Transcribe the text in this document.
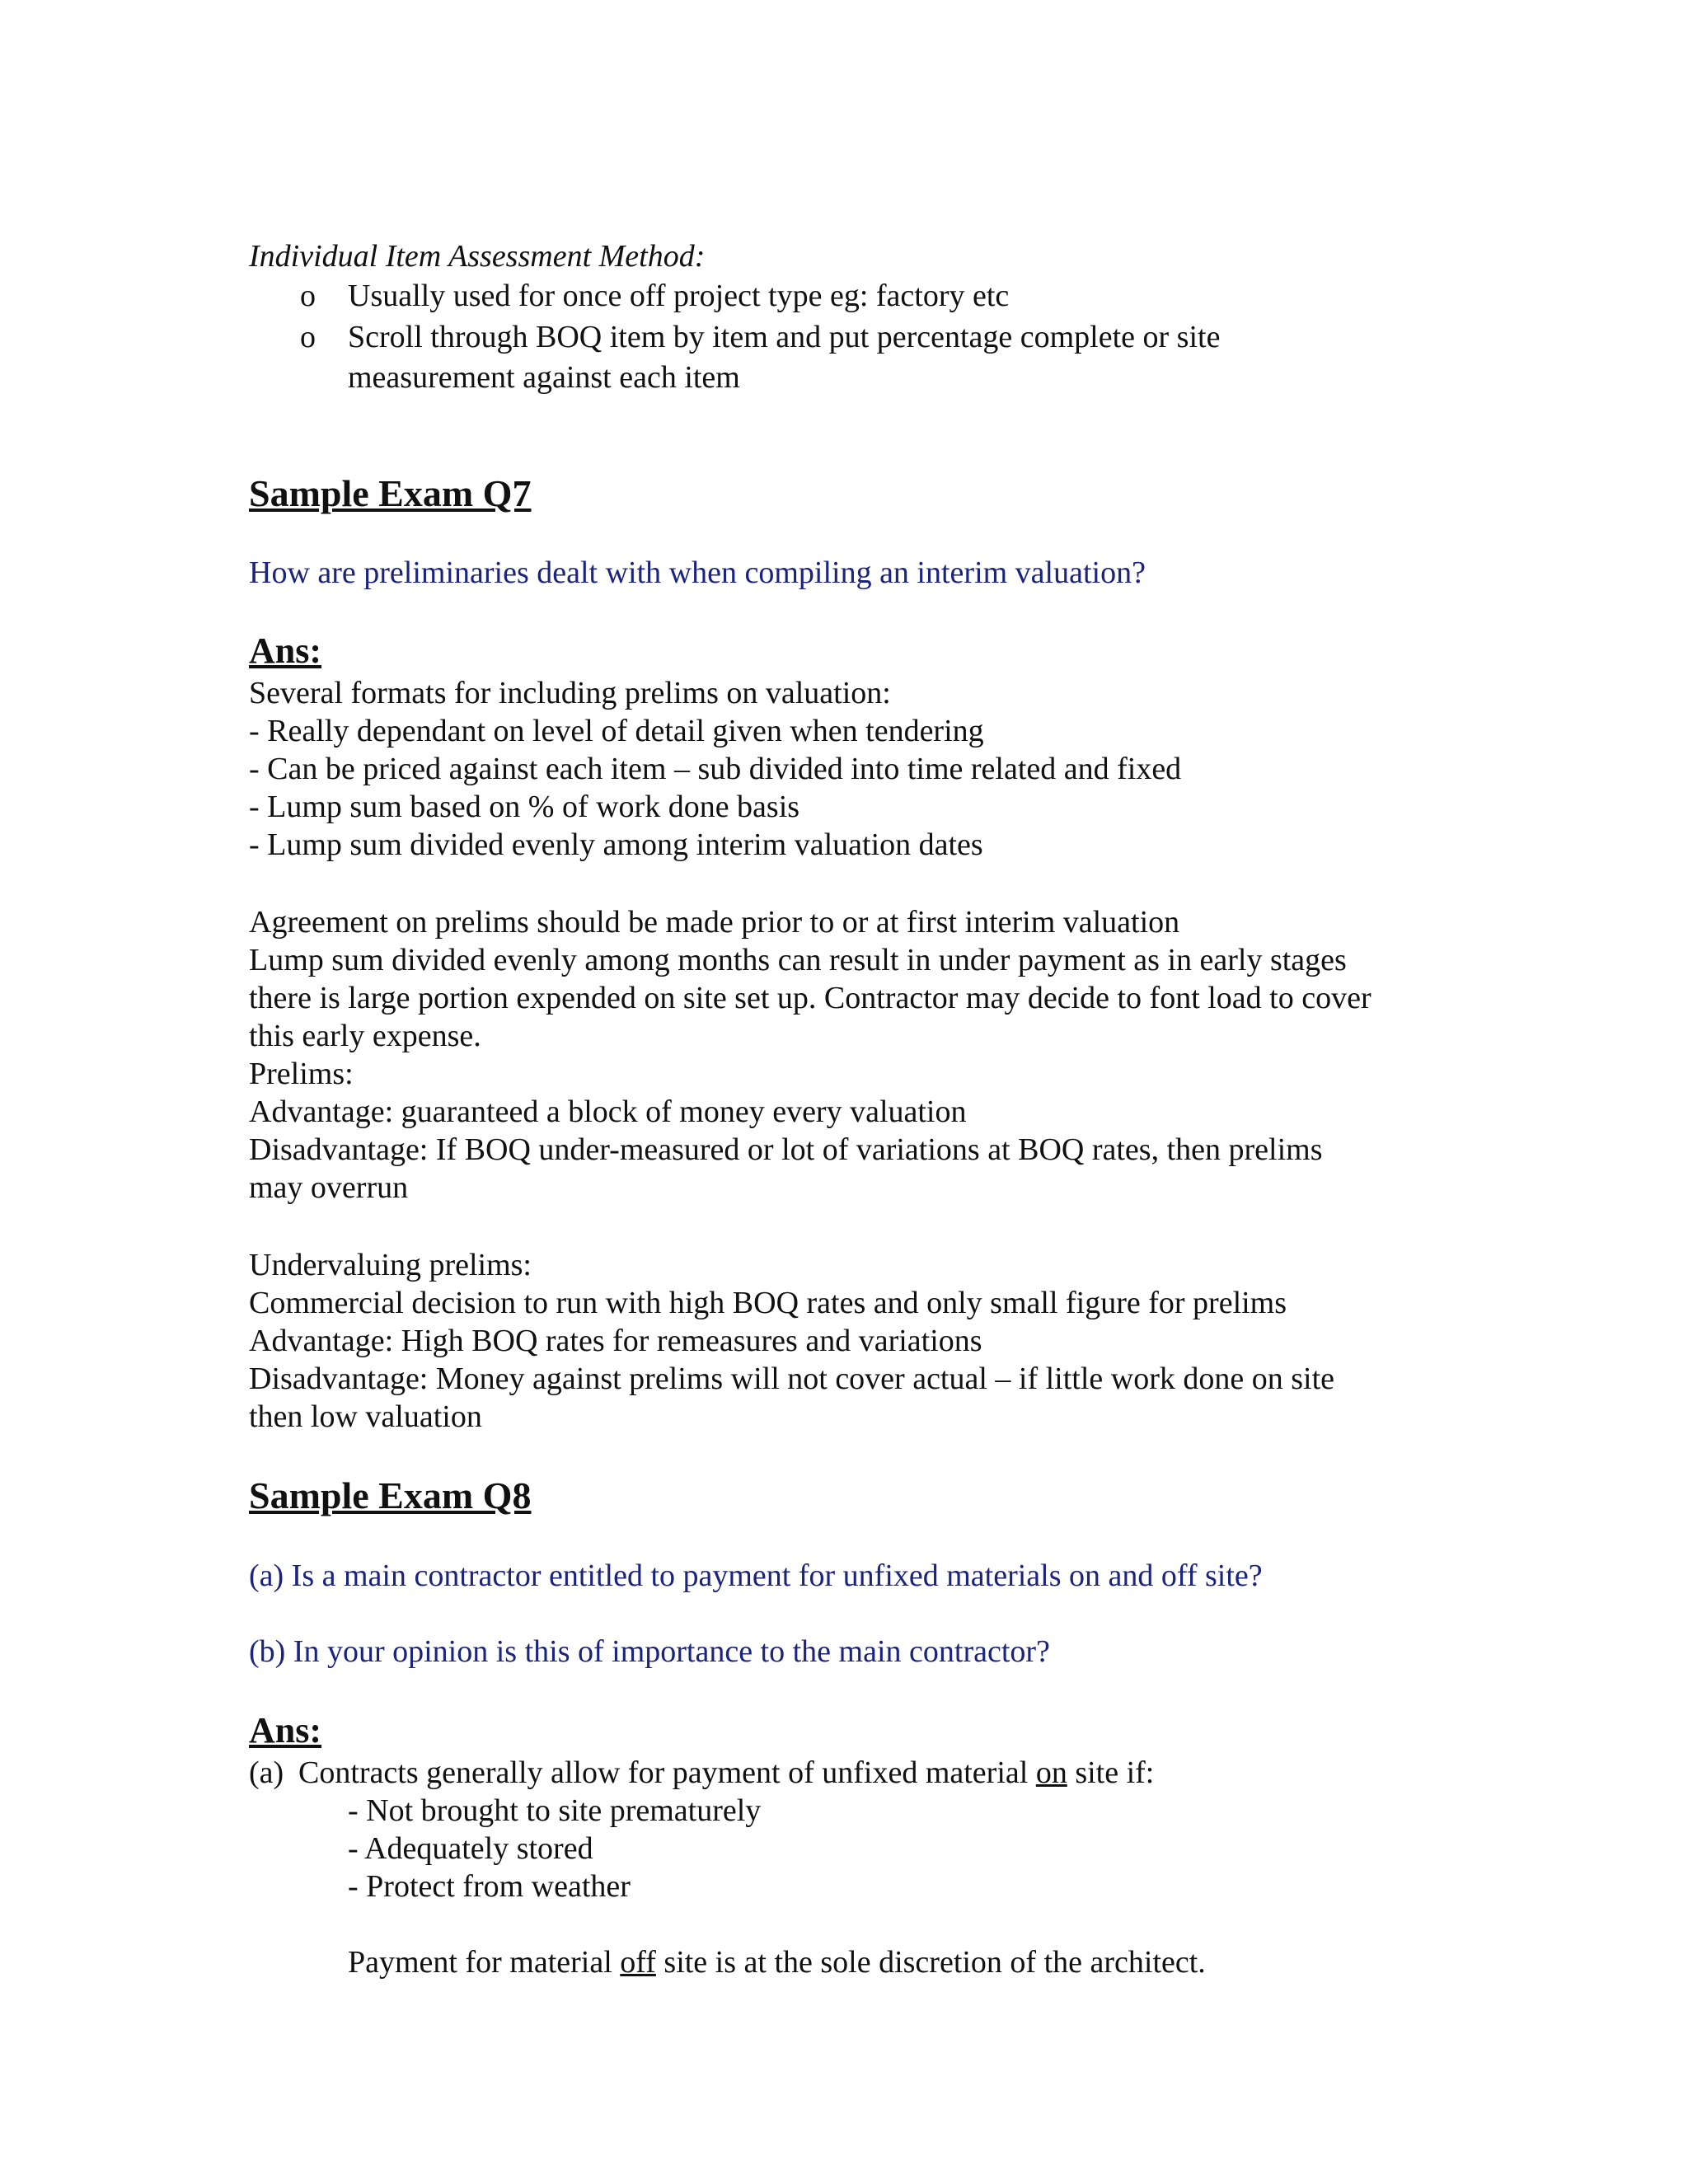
Individual Item Assessment Method:

o Usually used for once off project type eg: factory etc
o Scroll through BOQ item by item and put percentage complete or site measurement against each item

Sample Exam Q7

How are preliminaries dealt with when compiling an interim valuation?

Ans:

Several formats for including prelims on valuation:

- Really dependant on level of detail given when tendering

- Can be priced against each item – sub divided into time related and fixed

- Lump sum based on % of work done basis

- Lump sum divided evenly among interim valuation dates

Agreement on prelims should be made prior to or at first interim valuation

Lump sum divided evenly among months can result in under payment as in early stages

there is large portion expended on site set up. Contractor may decide to font load to cover

this early expense.

Prelims:

Advantage: guaranteed a block of money every valuation

Disadvantage: If BOQ under-measured or lot of variations at BOQ rates, then prelims

may overrun

Undervaluing prelims:

Commercial decision to run with high BOQ rates and only small figure for prelims

Advantage: High BOQ rates for remeasures and variations

Disadvantage: Money against prelims will not cover actual – if little work done on site

then low valuation

Sample Exam Q8

(a) Is a main contractor entitled to payment for unfixed materials on and off site?

(b) In your opinion is this of importance to the main contractor?

Ans:

(a) Contracts generally allow for payment of unfixed material on site if:

- Not brought to site prematurely

- Adequately stored

- Protect from weather

Payment for material off site is at the sole discretion of the architect.
